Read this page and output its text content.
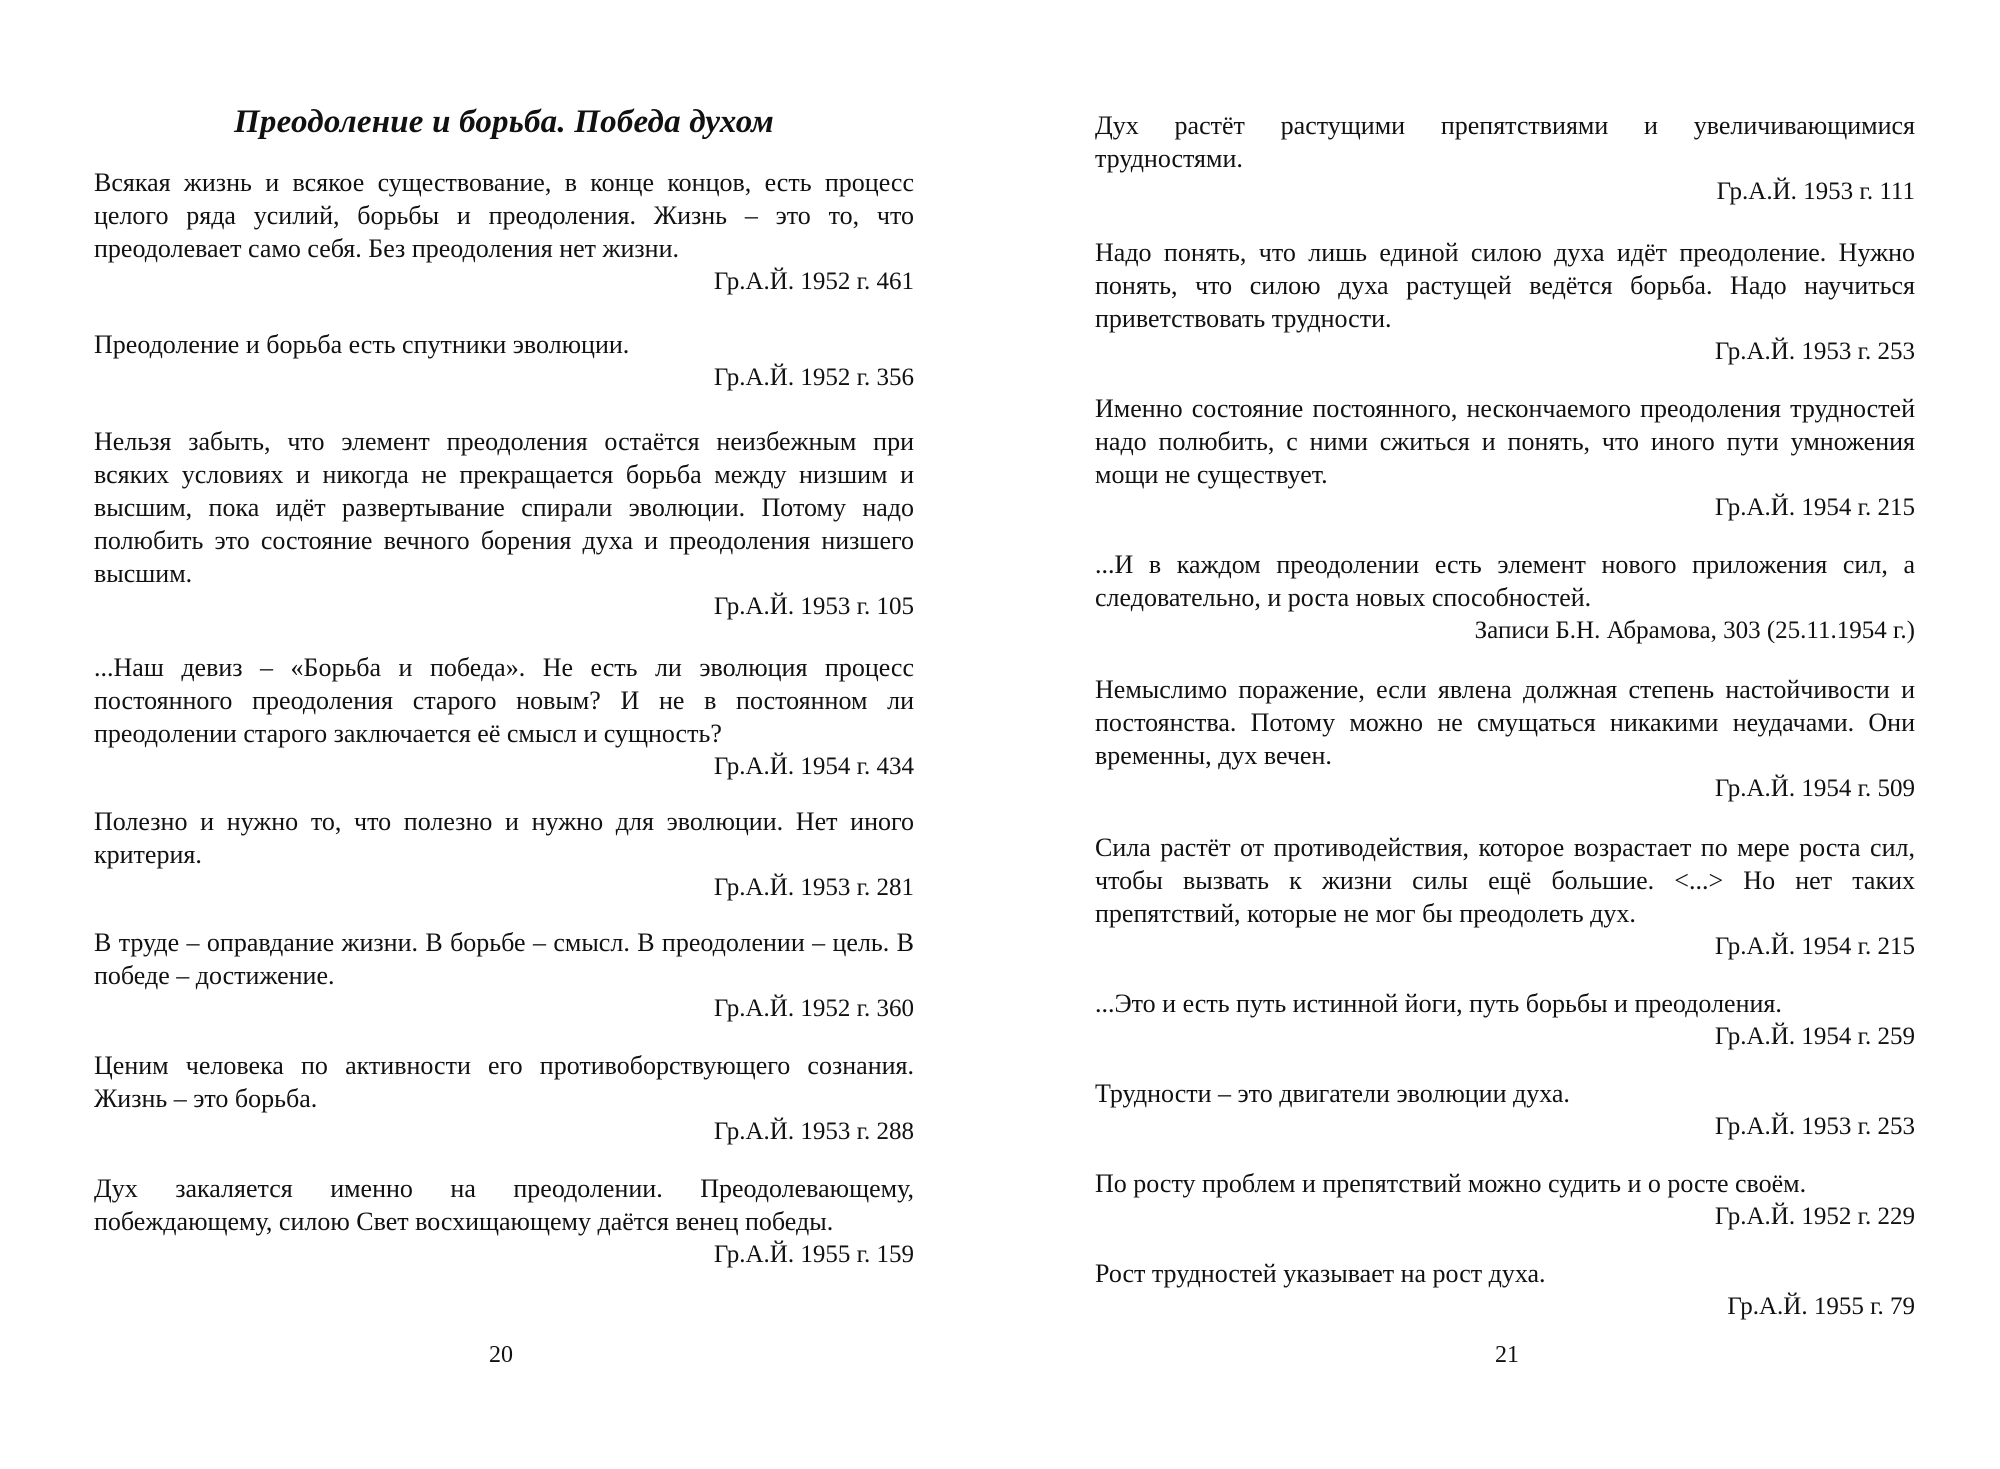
Преодоление и борьба. Победа духом

Всякая жизнь и всякое существование, в конце концов, есть процесс целого ряда усилий, борьбы и преодоления. Жизнь – это то, что преодолевает само себя. Без преодоления нет жизни.

Гр.А.Й. 1952 г. 461

Преодоление и борьба есть спутники эволюции.

Гр.А.Й. 1952 г. 356

Нельзя забыть, что элемент преодоления остаётся неизбежным при всяких условиях и никогда не прекращается борьба между низшим и высшим, пока идёт развертывание спирали эволюции. Потому надо полюбить это состояние вечного борения духа и преодоления низшего высшим.

Гр.А.Й. 1953 г. 105

...Наш девиз – «Борьба и победа». Не есть ли эволюция процесс постоянного преодоления старого новым? И не в постоянном ли преодолении старого заключается её смысл и сущность?

Гр.А.Й. 1954 г. 434

Полезно и нужно то, что полезно и нужно для эволюции. Нет иного критерия.

Гр.А.Й. 1953 г. 281

В труде – оправдание жизни. В борьбе – смысл. В преодолении – цель. В победе – достижение.

Гр.А.Й. 1952 г. 360

Ценим человека по активности его противоборствующего сознания. Жизнь – это борьба.

Гр.А.Й. 1953 г. 288

Дух закаляется именно на преодолении. Преодолевающему, побеждающему, силою Свет восхищающему даётся венец победы.

Гр.А.Й. 1955 г. 159

20

Дух растёт растущими препятствиями и увеличивающимися трудностями.

Гр.А.Й. 1953 г. 111

Надо понять, что лишь единой силою духа идёт преодоление. Нужно понять, что силою духа растущей ведётся борьба. Надо научиться приветствовать трудности.

Гр.А.Й. 1953 г. 253

Именно состояние постоянного, нескончаемого преодоления трудностей надо полюбить, с ними сжиться и понять, что иного пути умножения мощи не существует.

Гр.А.Й. 1954 г. 215

...И в каждом преодолении есть элемент нового приложения сил, а следовательно, и роста новых способностей.

Записи Б.Н. Абрамова, 303 (25.11.1954 г.)

Немыслимо поражение, если явлена должная степень настойчивости и постоянства. Потому можно не смущаться никакими неудачами. Они временны, дух вечен.

Гр.А.Й. 1954 г. 509

Сила растёт от противодействия, которое возрастает по мере роста сил, чтобы вызвать к жизни силы ещё большие. <...> Но нет таких препятствий, которые не мог бы преодолеть дух.

Гр.А.Й. 1954 г. 215

...Это и есть путь истинной йоги, путь борьбы и преодоления.

Гр.А.Й. 1954 г. 259

Трудности – это двигатели эволюции духа.

Гр.А.Й. 1953 г. 253

По росту проблем и препятствий можно судить и о росте своём.

Гр.А.Й. 1952 г. 229

Рост трудностей указывает на рост духа.

Гр.А.Й. 1955 г. 79

21
